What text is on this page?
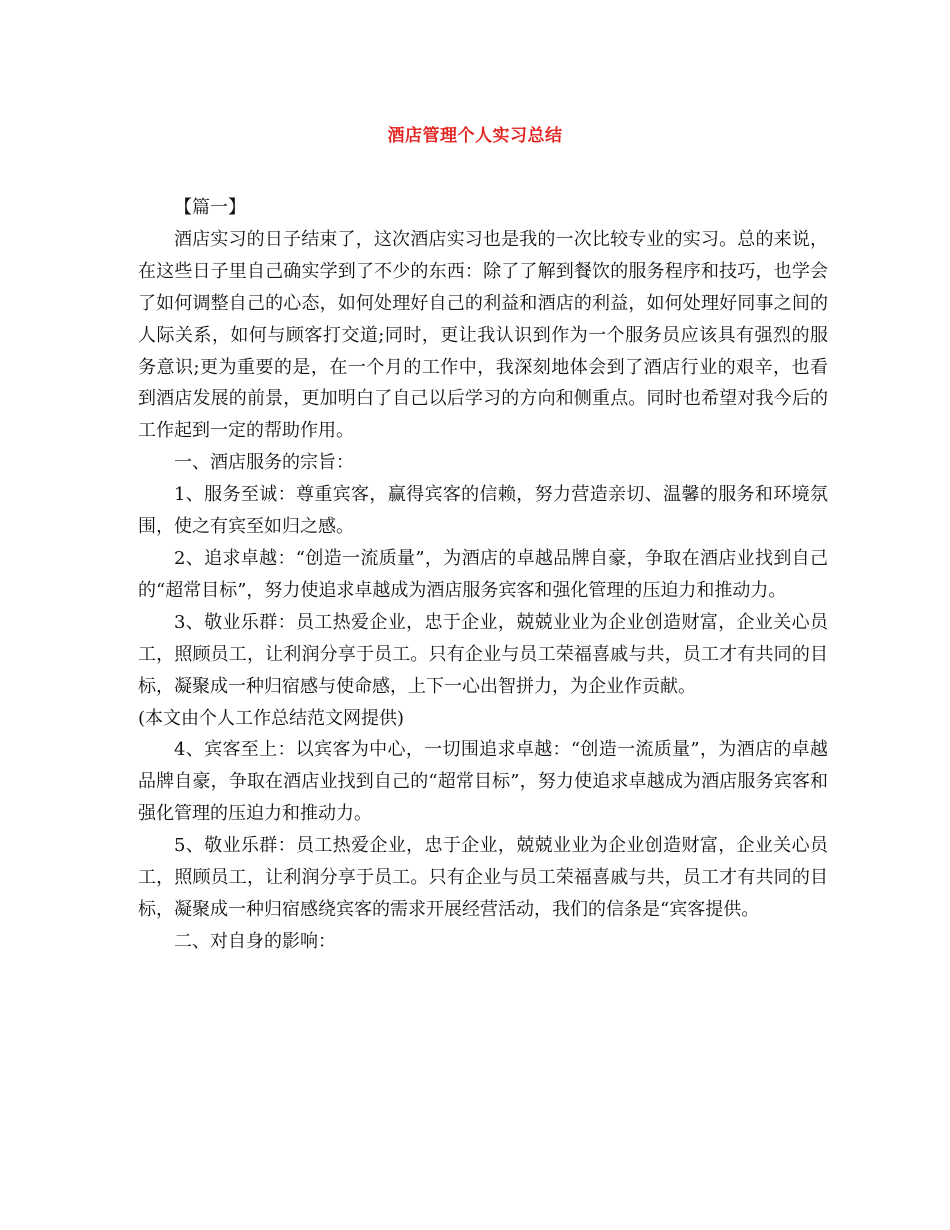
酒店管理个人实习总结

【篇一】

酒店实习的日子结束了，这次酒店实习也是我的一次比较专业的实习。总的来说，在这些日子里自己确实学到了不少的东西：除了了解到餐饮的服务程序和技巧，也学会了如何调整自己的心态，如何处理好自己的利益和酒店的利益，如何处理好同事之间的人际关系，如何与顾客打交道;同时，更让我认识到作为一个服务员应该具有强烈的服务意识;更为重要的是，在一个月的工作中，我深刻地体会到了酒店行业的艰辛，也看到酒店发展的前景，更加明白了自己以后学习的方向和侧重点。同时也希望对我今后的工作起到一定的帮助作用。

一、酒店服务的宗旨：

1、服务至诚：尊重宾客，赢得宾客的信赖，努力营造亲切、温馨的服务和环境氛围，使之有宾至如归之感。

2、追求卓越：“创造一流质量”，为酒店的卓越品牌自豪，争取在酒店业找到自己的“超常目标”，努力使追求卓越成为酒店服务宾客和强化管理的压迫力和推动力。

3、敬业乐群：员工热爱企业，忠于企业，兢兢业业为企业创造财富，企业关心员工，照顾员工，让利润分享于员工。只有企业与员工荣福喜戚与共，员工才有共同的目标，凝聚成一种归宿感与使命感，上下一心出智拼力，为企业作贡献。

(本文由个人工作总结范文网提供)

4、宾客至上：以宾客为中心，一切围追求卓越：“创造一流质量”，为酒店的卓越品牌自豪，争取在酒店业找到自己的“超常目标”，努力使追求卓越成为酒店服务宾客和强化管理的压迫力和推动力。

5、敬业乐群：员工热爱企业，忠于企业，兢兢业业为企业创造财富，企业关心员工，照顾员工，让利润分享于员工。只有企业与员工荣福喜戚与共，员工才有共同的目标，凝聚成一种归宿感绕宾客的需求开展经营活动，我们的信条是“宾客提供。

二、对自身的影响：
